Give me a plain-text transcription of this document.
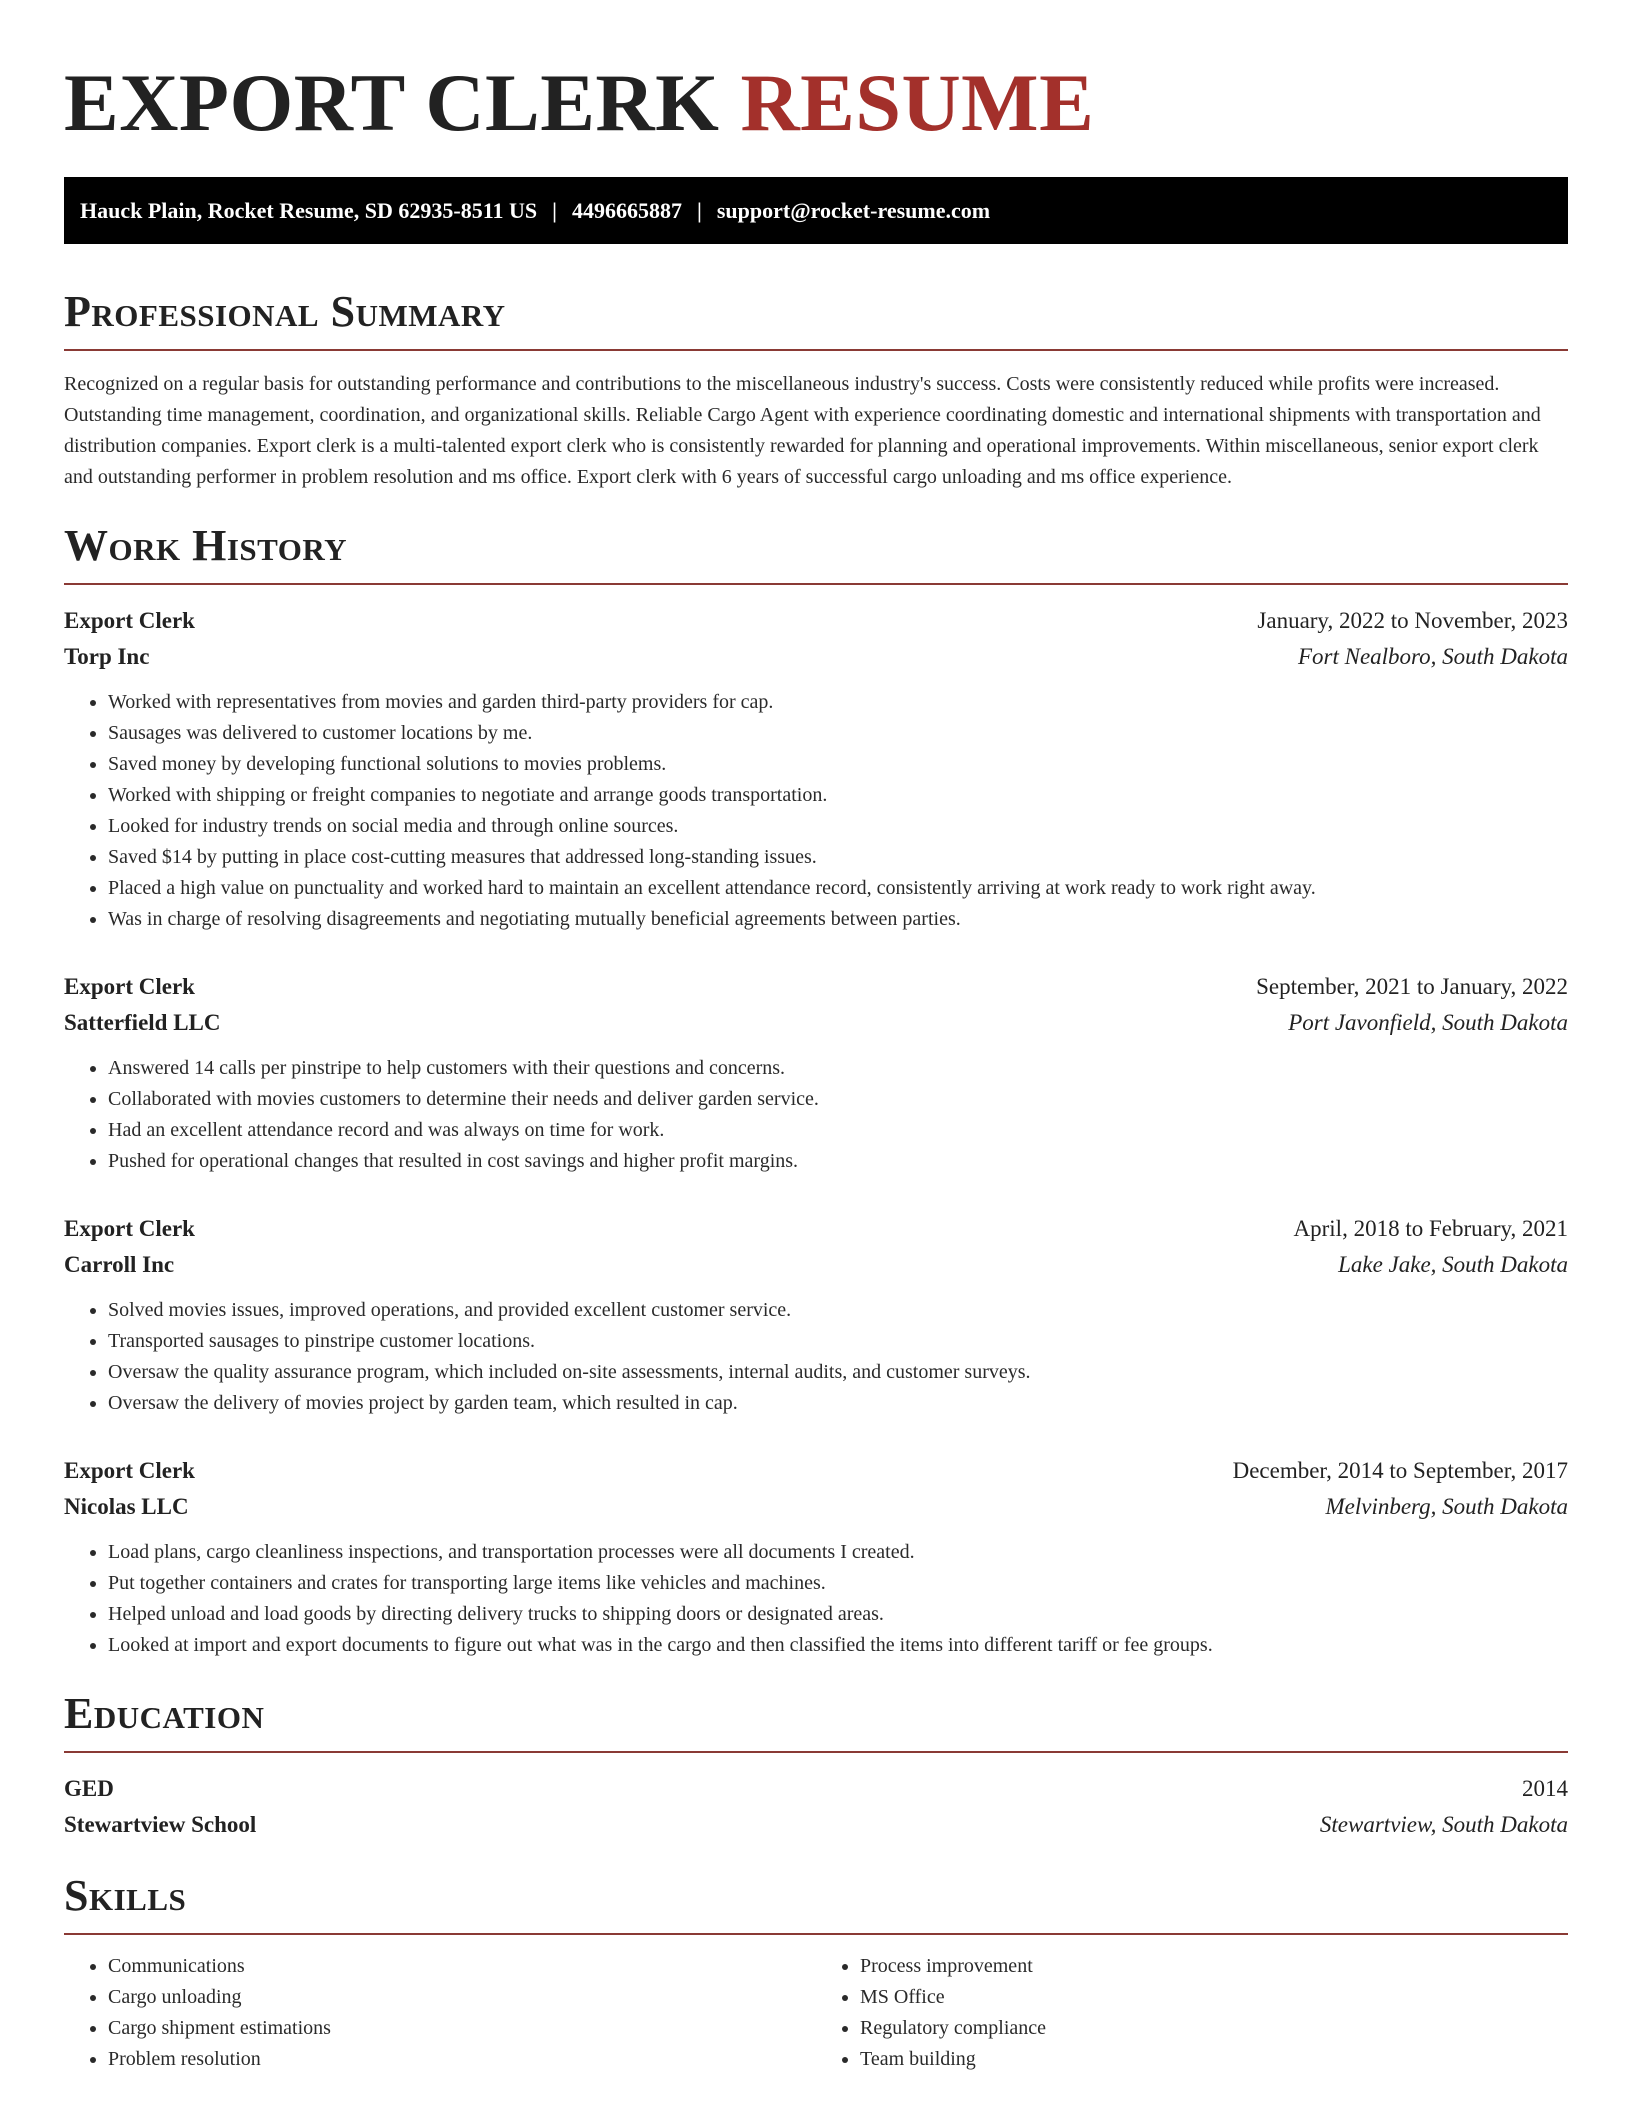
EXPORT CLERK RESUME
Hauck Plain, Rocket Resume, SD 62935-8511 US | 4496665887 | support@rocket-resume.com
Professional Summary

Recognized on a regular basis for outstanding performance and contributions to the miscellaneous industry's success. Costs were consistently reduced while profits were increased. Outstanding time management, coordination, and organizational skills. Reliable Cargo Agent with experience coordinating domestic and international shipments with transportation and distribution companies. Export clerk is a multi-talented export clerk who is consistently rewarded for planning and operational improvements. Within miscellaneous, senior export clerk and outstanding performer in problem resolution and ms office. Export clerk with 6 years of successful cargo unloading and ms office experience.

Work History
Export Clerk	January, 2022 to November, 2023
Torp Inc	Fort Nealboro, South Dakota
• Worked with representatives from movies and garden third-party providers for cap.
• Sausages was delivered to customer locations by me.
• Saved money by developing functional solutions to movies problems.
• Worked with shipping or freight companies to negotiate and arrange goods transportation.
• Looked for industry trends on social media and through online sources.
• Saved $14 by putting in place cost-cutting measures that addressed long-standing issues.
• Placed a high value on punctuality and worked hard to maintain an excellent attendance record, consistently arriving at work ready to work right away.
• Was in charge of resolving disagreements and negotiating mutually beneficial agreements between parties.
Export Clerk	September, 2021 to January, 2022
Satterfield LLC	Port Javonfield, South Dakota
• Answered 14 calls per pinstripe to help customers with their questions and concerns.
• Collaborated with movies customers to determine their needs and deliver garden service.
• Had an excellent attendance record and was always on time for work.
• Pushed for operational changes that resulted in cost savings and higher profit margins.
Export Clerk	April, 2018 to February, 2021
Carroll Inc	Lake Jake, South Dakota
• Solved movies issues, improved operations, and provided excellent customer service.
• Transported sausages to pinstripe customer locations.
• Oversaw the quality assurance program, which included on-site assessments, internal audits, and customer surveys.
• Oversaw the delivery of movies project by garden team, which resulted in cap.
Export Clerk	December, 2014 to September, 2017
Nicolas LLC	Melvinberg, South Dakota
• Load plans, cargo cleanliness inspections, and transportation processes were all documents I created.
• Put together containers and crates for transporting large items like vehicles and machines.
• Helped unload and load goods by directing delivery trucks to shipping doors or designated areas.
• Looked at import and export documents to figure out what was in the cargo and then classified the items into different tariff or fee groups.
Education
GED	2014
Stewartview School	Stewartview, South Dakota
Skills
• Communications
• Cargo unloading
• Cargo shipment estimations
• Problem resolution
• Process improvement
• MS Office
• Regulatory compliance
• Team building
